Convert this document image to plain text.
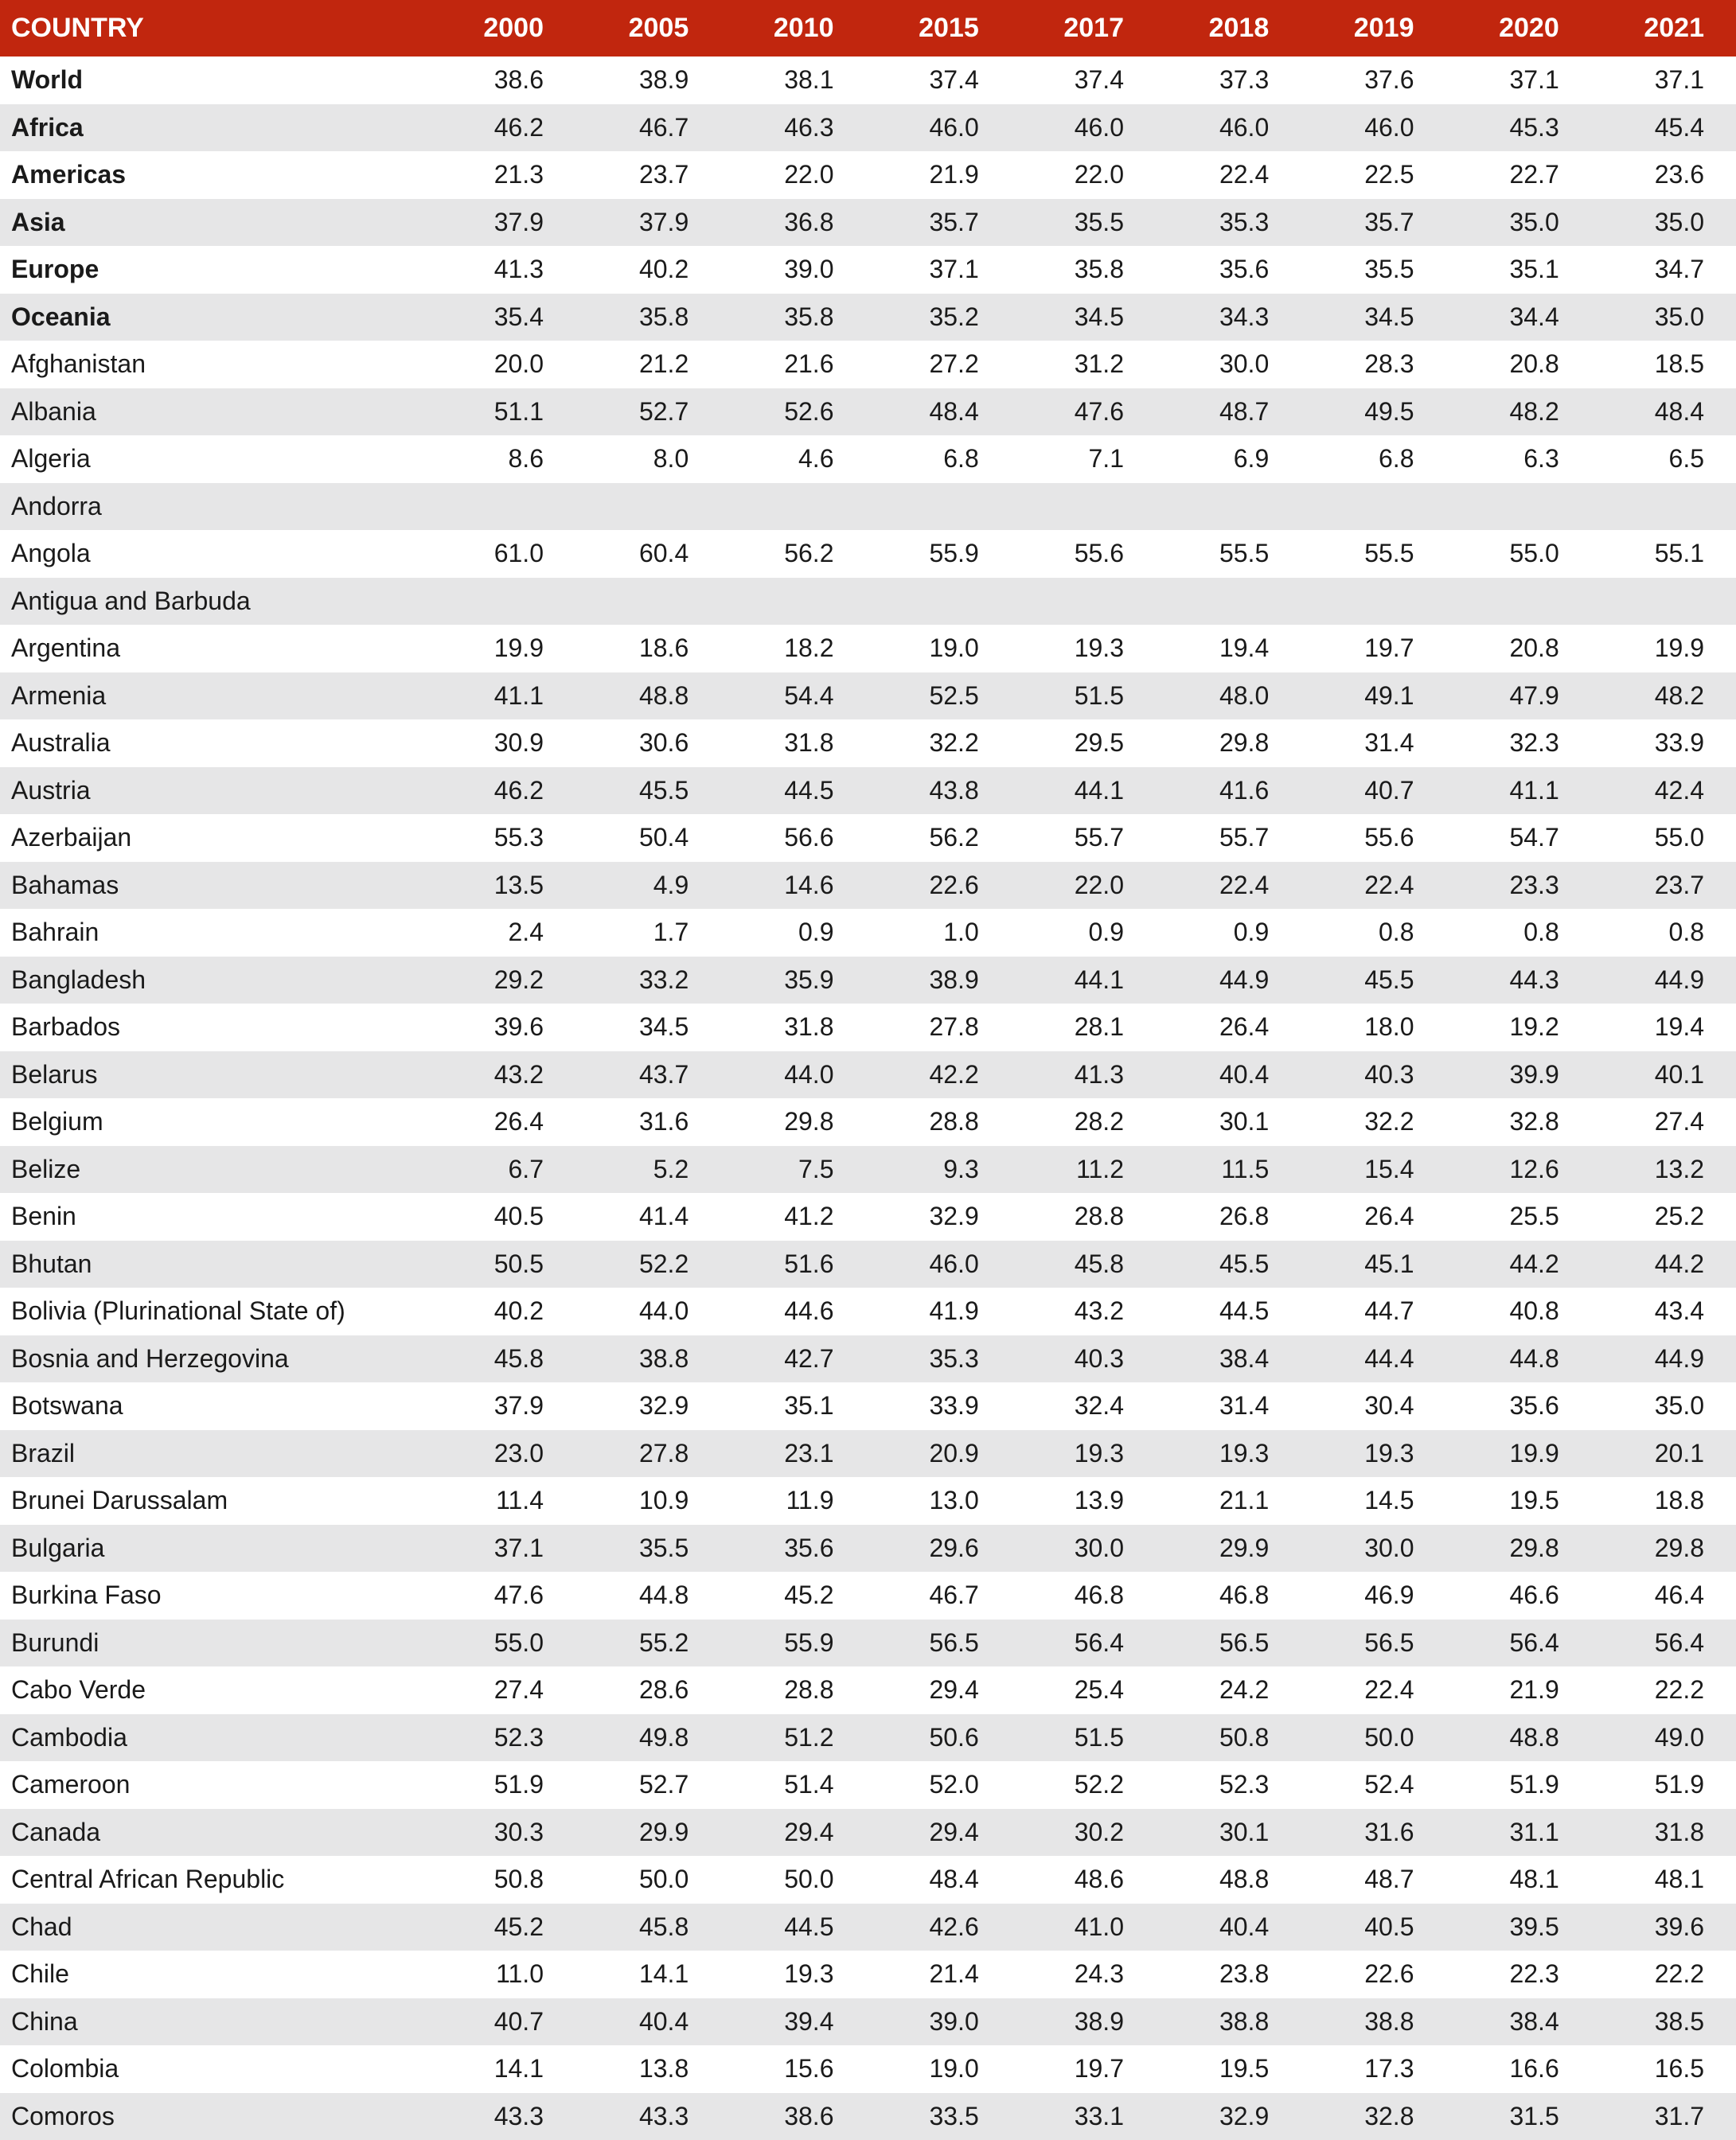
COUNTRY	2000	2005	2010	2015	2017	2018	2019	2020	2021
World	38.6	38.9	38.1	37.4	37.4	37.3	37.6	37.1	37.1
Africa	46.2	46.7	46.3	46.0	46.0	46.0	46.0	45.3	45.4
Americas	21.3	23.7	22.0	21.9	22.0	22.4	22.5	22.7	23.6
Asia	37.9	37.9	36.8	35.7	35.5	35.3	35.7	35.0	35.0
Europe	41.3	40.2	39.0	37.1	35.8	35.6	35.5	35.1	34.7
Oceania	35.4	35.8	35.8	35.2	34.5	34.3	34.5	34.4	35.0
Afghanistan	20.0	21.2	21.6	27.2	31.2	30.0	28.3	20.8	18.5
Albania	51.1	52.7	52.6	48.4	47.6	48.7	49.5	48.2	48.4
Algeria	8.6	8.0	4.6	6.8	7.1	6.9	6.8	6.3	6.5
Andorra									
Angola	61.0	60.4	56.2	55.9	55.6	55.5	55.5	55.0	55.1
Antigua and Barbuda									
Argentina	19.9	18.6	18.2	19.0	19.3	19.4	19.7	20.8	19.9
Armenia	41.1	48.8	54.4	52.5	51.5	48.0	49.1	47.9	48.2
Australia	30.9	30.6	31.8	32.2	29.5	29.8	31.4	32.3	33.9
Austria	46.2	45.5	44.5	43.8	44.1	41.6	40.7	41.1	42.4
Azerbaijan	55.3	50.4	56.6	56.2	55.7	55.7	55.6	54.7	55.0
Bahamas	13.5	4.9	14.6	22.6	22.0	22.4	22.4	23.3	23.7
Bahrain	2.4	1.7	0.9	1.0	0.9	0.9	0.8	0.8	0.8
Bangladesh	29.2	33.2	35.9	38.9	44.1	44.9	45.5	44.3	44.9
Barbados	39.6	34.5	31.8	27.8	28.1	26.4	18.0	19.2	19.4
Belarus	43.2	43.7	44.0	42.2	41.3	40.4	40.3	39.9	40.1
Belgium	26.4	31.6	29.8	28.8	28.2	30.1	32.2	32.8	27.4
Belize	6.7	5.2	7.5	9.3	11.2	11.5	15.4	12.6	13.2
Benin	40.5	41.4	41.2	32.9	28.8	26.8	26.4	25.5	25.2
Bhutan	50.5	52.2	51.6	46.0	45.8	45.5	45.1	44.2	44.2
Bolivia (Plurinational State of)	40.2	44.0	44.6	41.9	43.2	44.5	44.7	40.8	43.4
Bosnia and Herzegovina	45.8	38.8	42.7	35.3	40.3	38.4	44.4	44.8	44.9
Botswana	37.9	32.9	35.1	33.9	32.4	31.4	30.4	35.6	35.0
Brazil	23.0	27.8	23.1	20.9	19.3	19.3	19.3	19.9	20.1
Brunei Darussalam	11.4	10.9	11.9	13.0	13.9	21.1	14.5	19.5	18.8
Bulgaria	37.1	35.5	35.6	29.6	30.0	29.9	30.0	29.8	29.8
Burkina Faso	47.6	44.8	45.2	46.7	46.8	46.8	46.9	46.6	46.4
Burundi	55.0	55.2	55.9	56.5	56.4	56.5	56.5	56.4	56.4
Cabo Verde	27.4	28.6	28.8	29.4	25.4	24.2	22.4	21.9	22.2
Cambodia	52.3	49.8	51.2	50.6	51.5	50.8	50.0	48.8	49.0
Cameroon	51.9	52.7	51.4	52.0	52.2	52.3	52.4	51.9	51.9
Canada	30.3	29.9	29.4	29.4	30.2	30.1	31.6	31.1	31.8
Central African Republic	50.8	50.0	50.0	48.4	48.6	48.8	48.7	48.1	48.1
Chad	45.2	45.8	44.5	42.6	41.0	40.4	40.5	39.5	39.6
Chile	11.0	14.1	19.3	21.4	24.3	23.8	22.6	22.3	22.2
China	40.7	40.4	39.4	39.0	38.9	38.8	38.8	38.4	38.5
Colombia	14.1	13.8	15.6	19.0	19.7	19.5	17.3	16.6	16.5
Comoros	43.3	43.3	38.6	33.5	33.1	32.9	32.8	31.5	31.7
